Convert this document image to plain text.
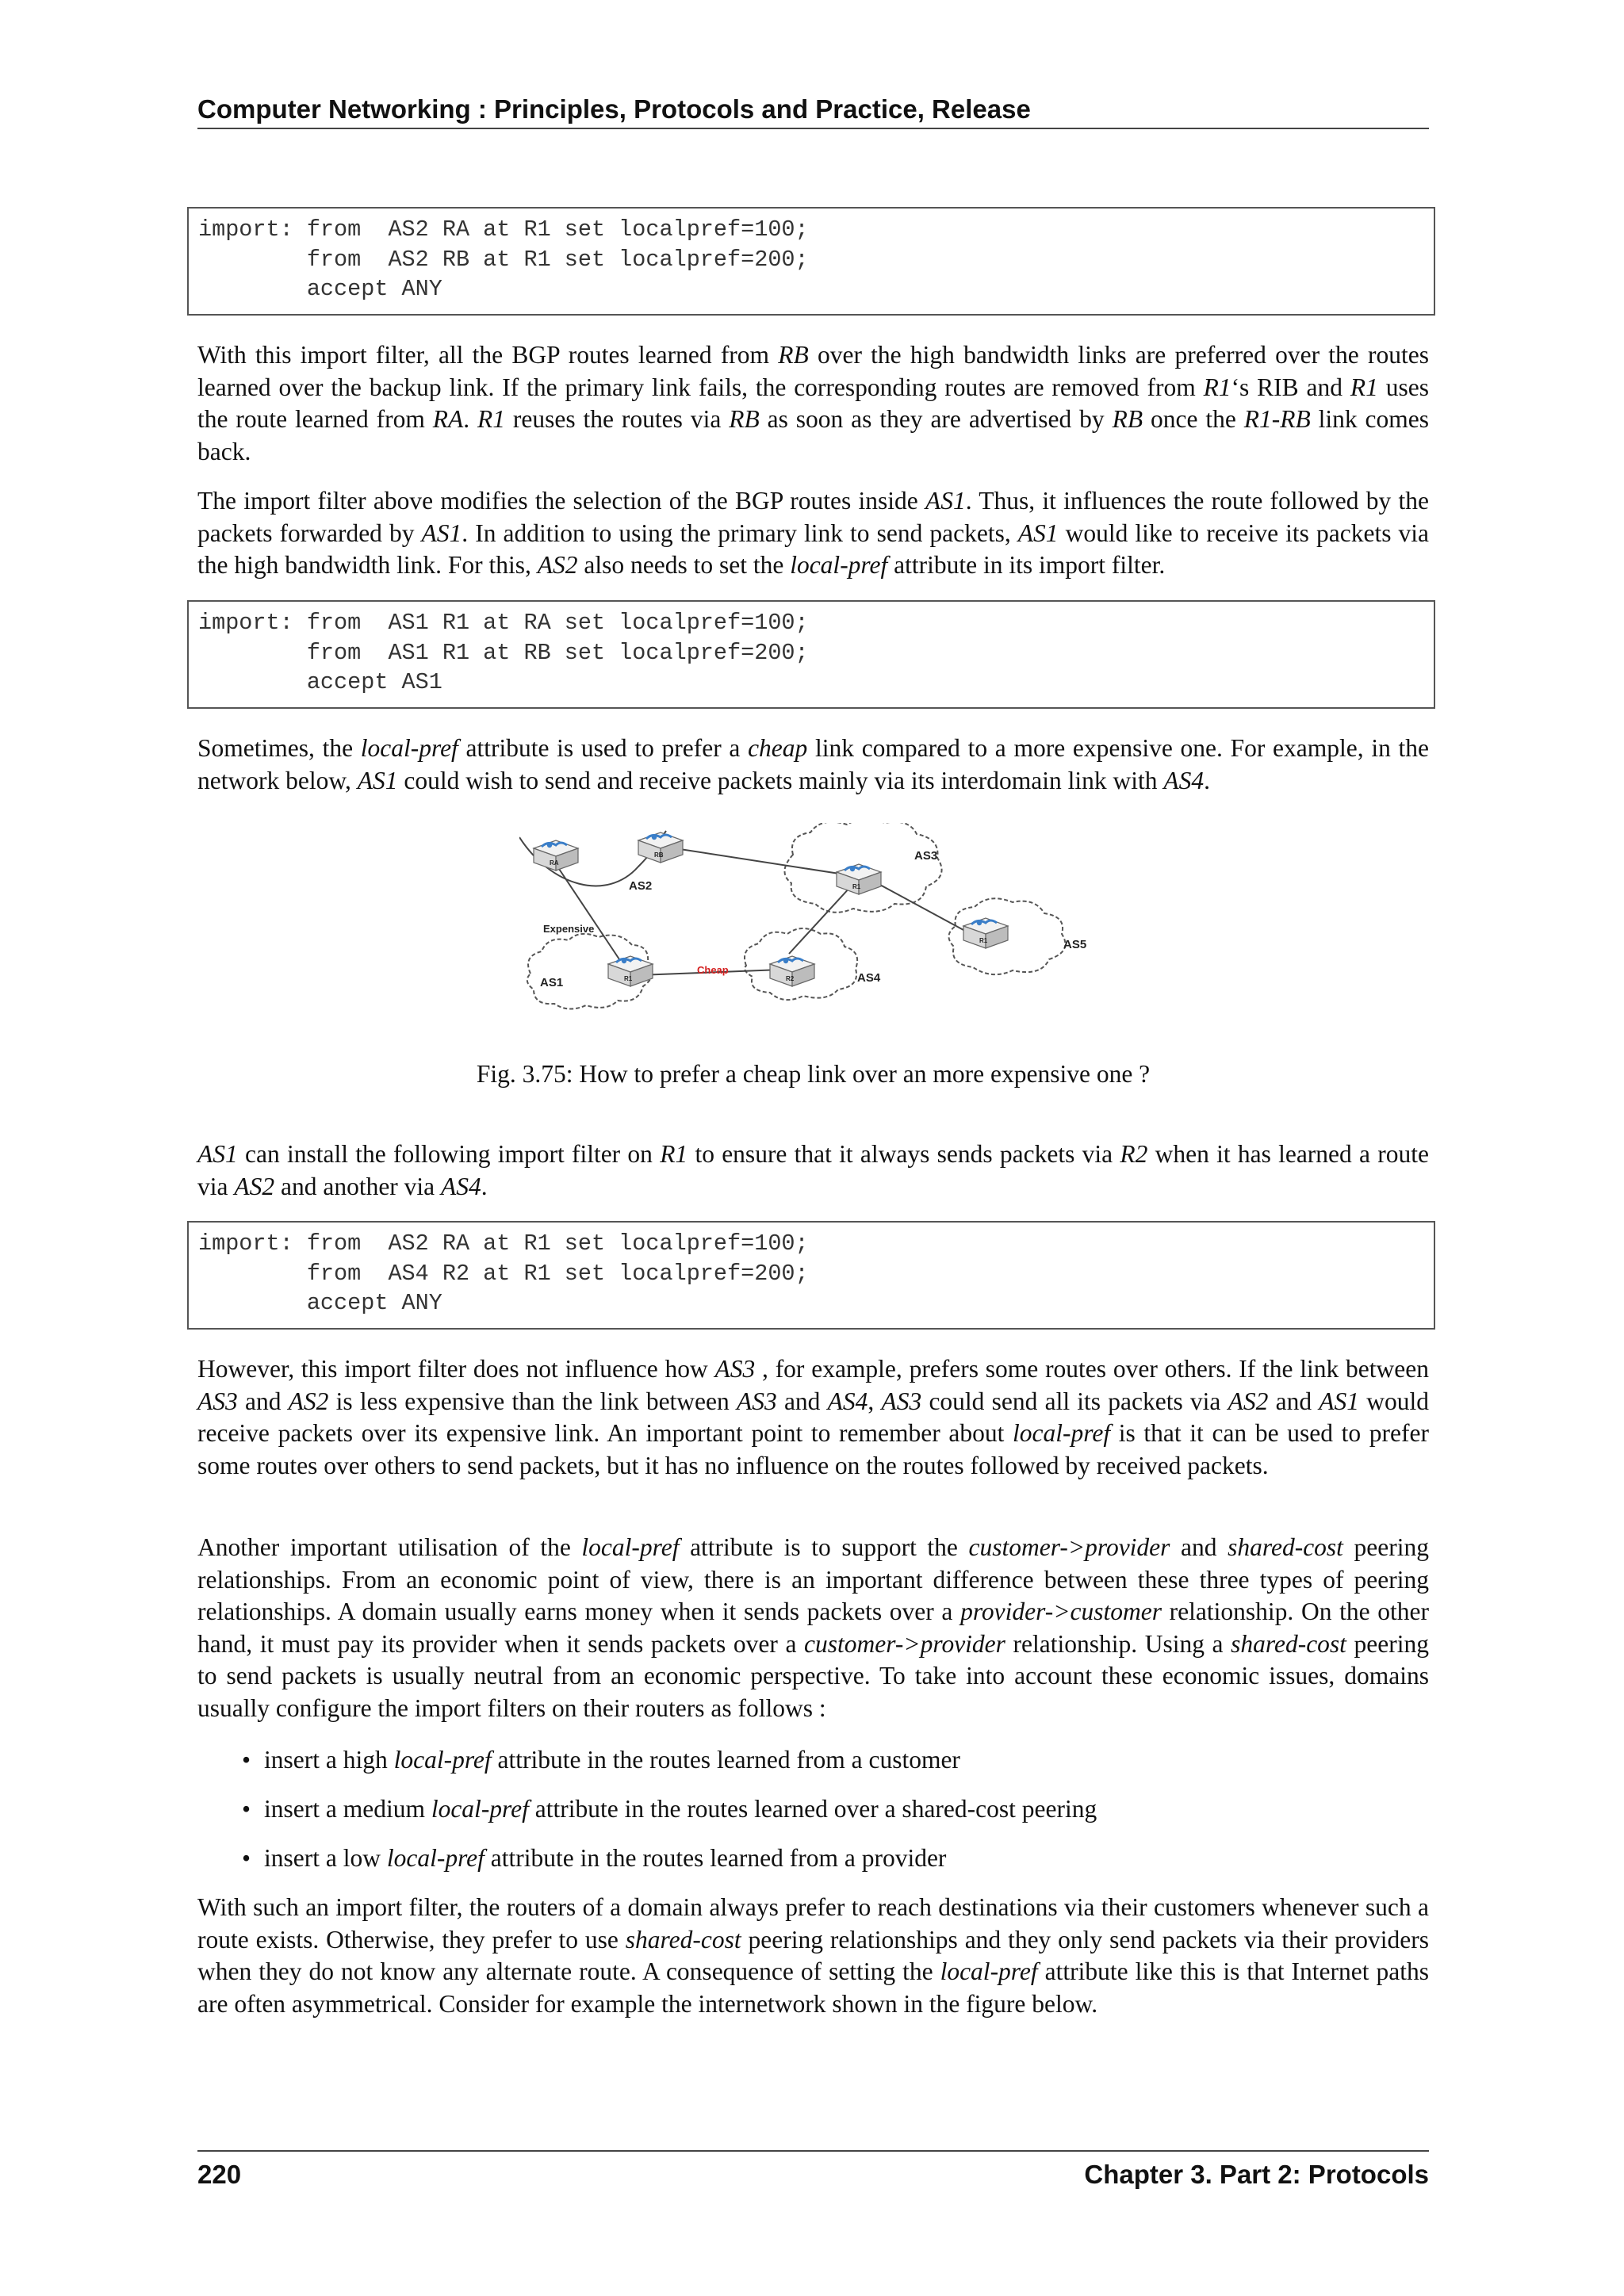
Computer Networking : Principles, Protocols and Practice, Release
import: from  AS2 RA at R1 set localpref=100;
from  AS2 RB at R1 set localpref=200;
accept ANY

With this import filter, all the BGP routes learned from RB over the high bandwidth links are preferred over the routes learned over the backup link. If the primary link fails, the corresponding routes are removed from R1‘s RIB and R1 uses the route learned from RA. R1 reuses the routes via RB as soon as they are advertised by RB once the R1-RB link comes back.

The import filter above modifies the selection of the BGP routes inside AS1. Thus, it influences the route followed by the packets forwarded by AS1. In addition to using the primary link to send packets, AS1 would like to receive its packets via the high bandwidth link. For this, AS2 also needs to set the local-pref attribute in its import filter.

import: from  AS1 R1 at RA set localpref=100;
from  AS1 R1 at RB set localpref=200;
accept AS1

Sometimes, the local-pref attribute is used to prefer a cheap link compared to a more expensive one. For example, in the network below, AS1 could wish to send and receive packets mainly via its interdomain link with AS4.

RA
RB
R1	R2
R1
R1
AS2
AS3
AS5
AS1	AS4
Expensive
Cheap
Fig. 3.75: How to prefer a cheap link over an more expensive one ?

AS1 can install the following import filter on R1 to ensure that it always sends packets via R2 when it has learned a route via AS2 and another via AS4.

import: from  AS2 RA at R1 set localpref=100;
from  AS4 R2 at R1 set localpref=200;
accept ANY

However, this import filter does not influence how AS3 , for example, prefers some routes over others. If the link between AS3 and AS2 is less expensive than the link between AS3 and AS4, AS3 could send all its packets via AS2 and AS1 would receive packets over its expensive link. An important point to remember about local-pref is that it can be used to prefer some routes over others to send packets, but it has no influence on the routes followed by received packets.

Another important utilisation of the local-pref attribute is to support the customer->provider and shared-cost peering relationships. From an economic point of view, there is an important difference between these three types of peering relationships. A domain usually earns money when it sends packets over a provider->customer relationship. On the other hand, it must pay its provider when it sends packets over a customer->provider relationship. Using a shared-cost peering to send packets is usually neutral from an economic perspective. To take into account these economic issues, domains usually configure the import filters on their routers as follows :

• insert a high local-pref attribute in the routes learned from a customer
• insert a medium local-pref attribute in the routes learned over a shared-cost peering
• insert a low local-pref attribute in the routes learned from a provider

With such an import filter, the routers of a domain always prefer to reach destinations via their customers whenever such a route exists. Otherwise, they prefer to use shared-cost peering relationships and they only send packets via their providers when they do not know any alternate route. A consequence of setting the local-pref attribute like this is that Internet paths are often asymmetrical. Consider for example the internetwork shown in the figure below.

220	Chapter 3. Part 2: Protocols
